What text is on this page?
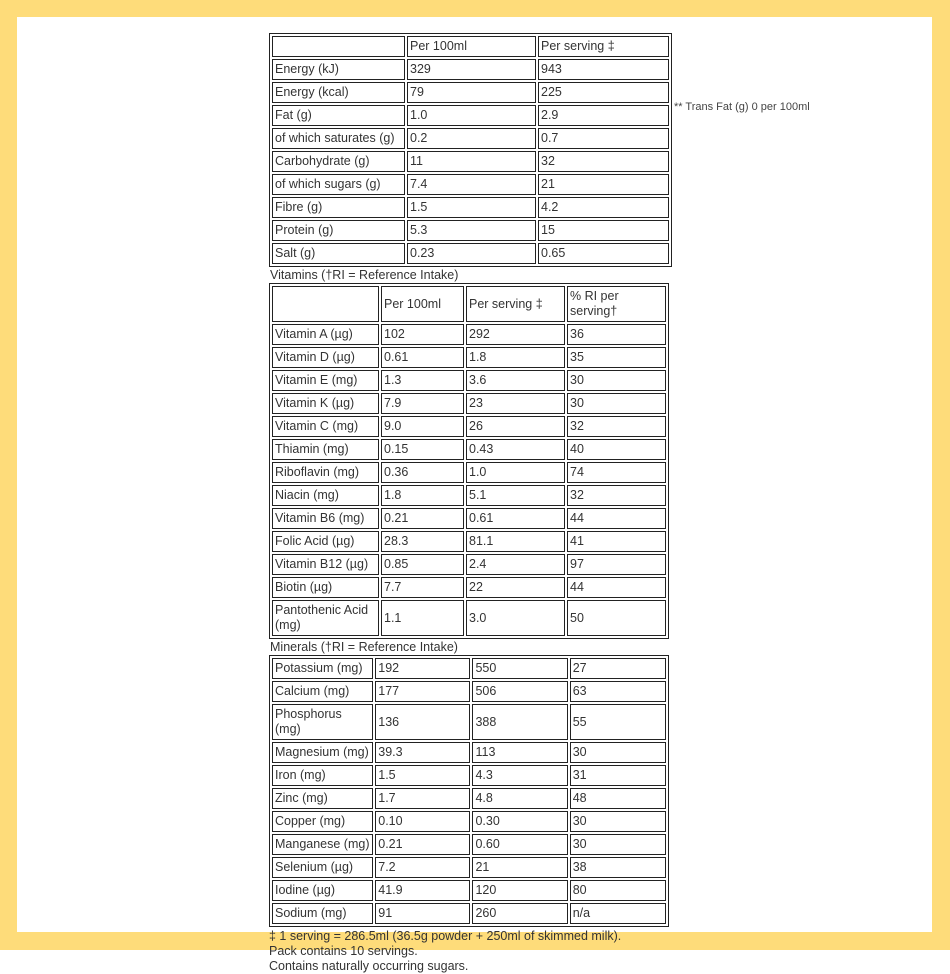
** Trans Fat (g) 0 per 100ml
	Per 100ml	Per serving ‡
Energy (kJ)	329	943
Energy (kcal)	79	225
Fat (g)	1.0	2.9
of which saturates (g)	0.2	0.7
Carbohydrate (g)	11	32
of which sugars (g)	7.4	21
Fibre (g)	1.5	4.2
Protein (g)	5.3	15
Salt (g)	0.23	0.65
Vitamins (†RI = Reference Intake)
	Per 100ml	Per serving ‡	% RI per serving†
Vitamin A (µg)	102	292	36
Vitamin D (µg)	0.61	1.8	35
Vitamin E (mg)	1.3	3.6	30
Vitamin K (µg)	7.9	23	30
Vitamin C (mg)	9.0	26	32
Thiamin (mg)	0.15	0.43	40
Riboflavin (mg)	0.36	1.0	74
Niacin (mg)	1.8	5.1	32
Vitamin B6 (mg)	0.21	0.61	44
Folic Acid (µg)	28.3	81.1	41
Vitamin B12 (µg)	0.85	2.4	97
Biotin (µg)	7.7	22	44
Pantothenic Acid (mg)	1.1	3.0	50
Minerals (†RI = Reference Intake)
Potassium (mg)	192	550	27
Calcium (mg)	177	506	63
Phosphorus (mg)	136	388	55
Magnesium (mg)	39.3	113	30
Iron (mg)	1.5	4.3	31
Zinc (mg)	1.7	4.8	48
Copper (mg)	0.10	0.30	30
Manganese (mg)	0.21	0.60	30
Selenium (µg)	7.2	21	38
Iodine (µg)	41.9	120	80
Sodium (mg)	91	260	n/a
‡ 1 serving = 286.5ml (36.5g powder + 250ml of skimmed milk).
Pack contains 10 servings.
Contains naturally occurring sugars.
